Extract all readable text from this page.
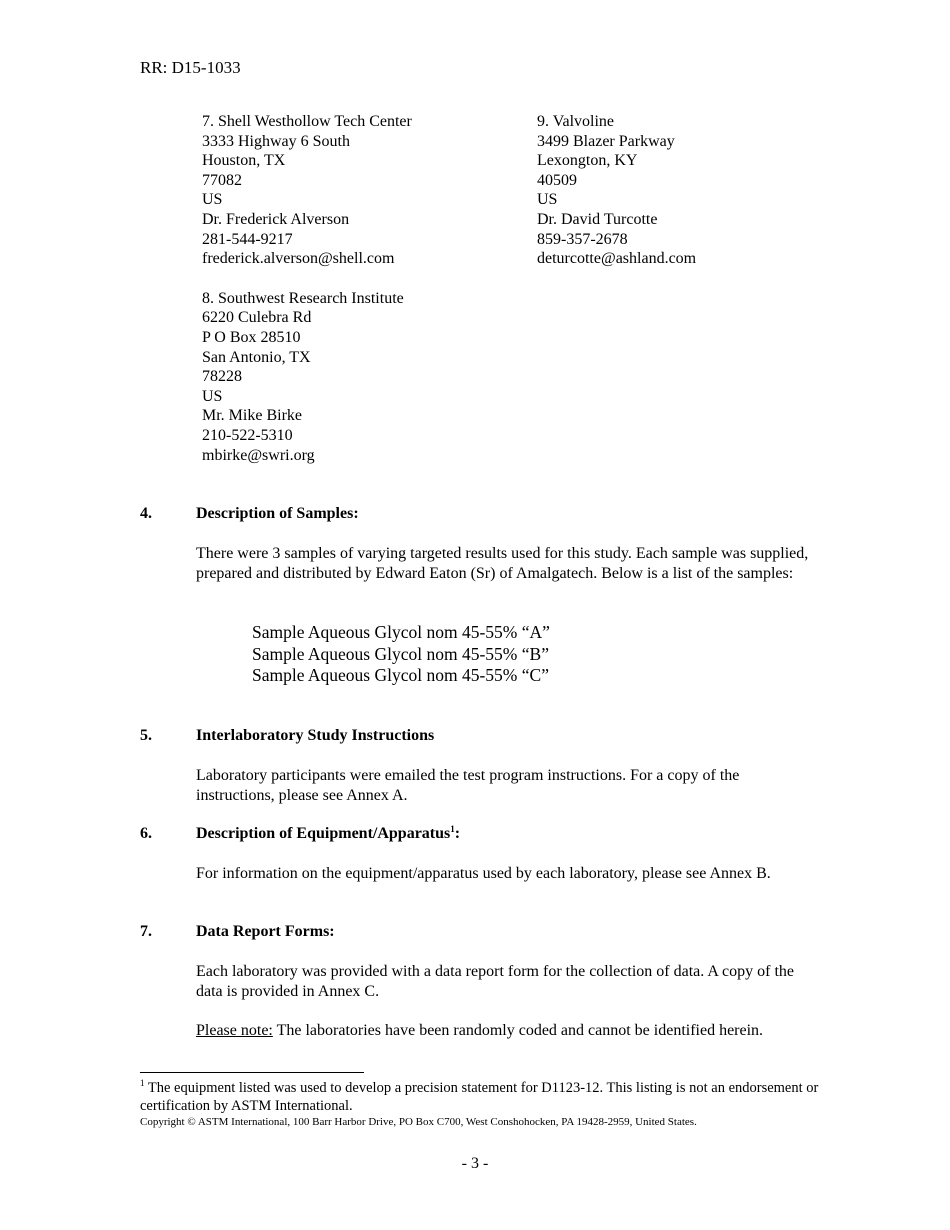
RR: D15-1033
7. Shell Westhollow Tech Center
3333 Highway 6 South
Houston, TX
77082
US
Dr. Frederick Alverson
281-544-9217
frederick.alverson@shell.com
8. Southwest Research Institute
6220 Culebra Rd
P O Box 28510
San Antonio, TX
78228
US
Mr. Mike Birke
210-522-5310
mbirke@swri.org
9. Valvoline
3499 Blazer Parkway
Lexongton, KY
40509
US
Dr. David Turcotte
859-357-2678
deturcotte@ashland.com
4.	Description of Samples:
There were 3 samples of varying targeted results used for this study. Each sample was supplied, prepared and distributed by Edward Eaton (Sr) of Amalgatech. Below is a list of the samples:
Sample Aqueous Glycol nom 45-55% “A”
Sample Aqueous Glycol nom 45-55% “B”
Sample Aqueous Glycol nom 45-55% “C”
5.	Interlaboratory Study Instructions
Laboratory participants were emailed the test program instructions. For a copy of the instructions, please see Annex A.
6.	Description of Equipment/Apparatus$^1$:
For information on the equipment/apparatus used by each laboratory, please see Annex B.
7.	Data Report Forms:
Each laboratory was provided with a data report form for the collection of data. A copy of the data is provided in Annex C.
Please note: The laboratories have been randomly coded and cannot be identified herein.
$^1$ The equipment listed was used to develop a precision statement for D1123-12. This listing is not an endorsement or certification by ASTM International.
Copyright © ASTM International, 100 Barr Harbor Drive, PO Box C700, West Conshohocken, PA 19428-2959, United States.
- 3 -
